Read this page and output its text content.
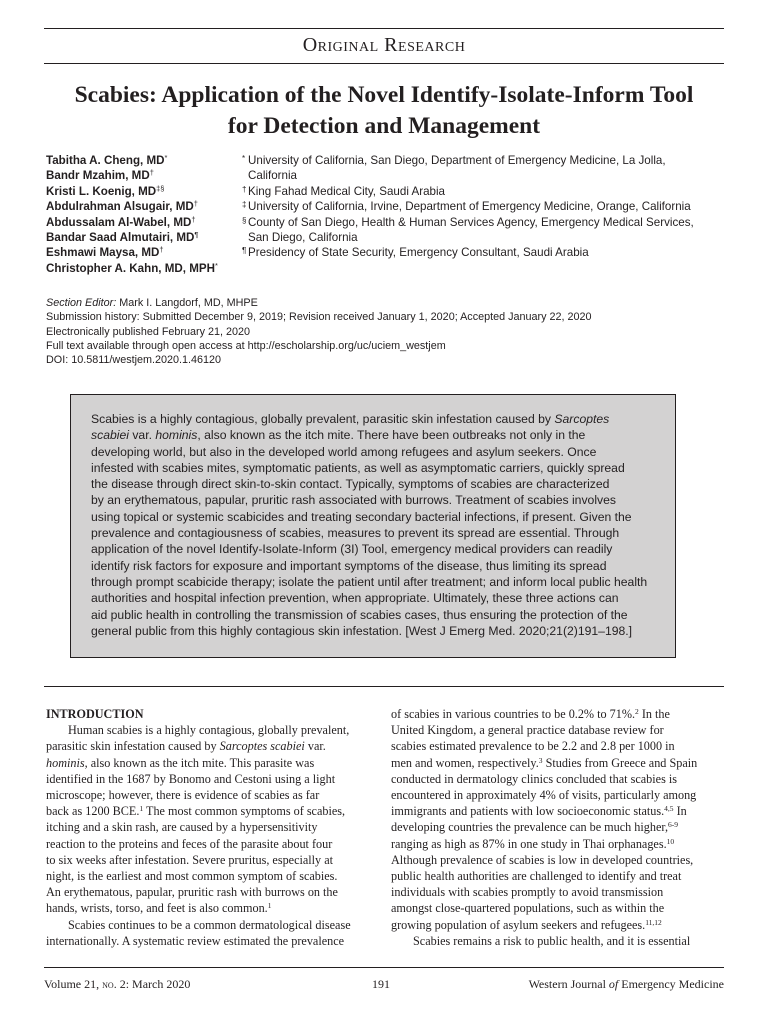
Original Research
Scabies: Application of the Novel Identify-Isolate-Inform Tool
for Detection and Management
Tabitha A. Cheng, MD*
Bandr Mzahim, MD†
Kristi L. Koenig, MD‡§
Abdulrahman Alsugair, MD†
Abdussalam Al-Wabel, MD†
Bandar Saad Almutairi, MD¶
Eshmawi Maysa, MD†
Christopher A. Kahn, MD, MPH*
* University of California, San Diego, Department of Emergency Medicine, La Jolla,
California
† King Fahad Medical City, Saudi Arabia
‡ University of California, Irvine, Department of Emergency Medicine, Orange, California
§ County of San Diego, Health & Human Services Agency, Emergency Medical Services,
San Diego, California
¶ Presidency of State Security, Emergency Consultant, Saudi Arabia
Section Editor: Mark I. Langdorf, MD, MHPE
Submission history: Submitted December 9, 2019; Revision received January 1, 2020; Accepted January 22, 2020
Electronically published February 21, 2020
Full text available through open access at http://escholarship.org/uc/uciem_westjem
DOI: 10.5811/westjem.2020.1.46120
Scabies is a highly contagious, globally prevalent, parasitic skin infestation caused by Sarcoptes
scabiei var. hominis, also known as the itch mite. There have been outbreaks not only in the
developing world, but also in the developed world among refugees and asylum seekers. Once
infested with scabies mites, symptomatic patients, as well as asymptomatic carriers, quickly spread
the disease through direct skin-to-skin contact. Typically, symptoms of scabies are characterized
by an erythematous, papular, pruritic rash associated with burrows. Treatment of scabies involves
using topical or systemic scabicides and treating secondary bacterial infections, if present. Given the
prevalence and contagiousness of scabies, measures to prevent its spread are essential. Through
application of the novel Identify-Isolate-Inform (3I) Tool, emergency medical providers can readily
identify risk factors for exposure and important symptoms of the disease, thus limiting its spread
through prompt scabicide therapy; isolate the patient until after treatment; and inform local public health
authorities and hospital infection prevention, when appropriate. Ultimately, these three actions can
aid public health in controlling the transmission of scabies cases, thus ensuring the protection of the
general public from this highly contagious skin infestation. [West J Emerg Med. 2020;21(2)191–198.]
INTRODUCTION
Human scabies is a highly contagious, globally prevalent,
parasitic skin infestation caused by Sarcoptes scabiei var.
hominis, also known as the itch mite. This parasite was
identified in the 1687 by Bonomo and Cestoni using a light
microscope; however, there is evidence of scabies as far
back as 1200 BCE.$^1$ The most common symptoms of scabies,
itching and a skin rash, are caused by a hypersensitivity
reaction to the proteins and feces of the parasite about four
to six weeks after infestation. Severe pruritus, especially at
night, is the earliest and most common symptom of scabies.
An erythematous, papular, pruritic rash with burrows on the
hands, wrists, torso, and feet is also common.$^1$
Scabies continues to be a common dermatological disease
internationally. A systematic review estimated the prevalence
of scabies in various countries to be 0.2% to 71%.$^2$ In the
United Kingdom, a general practice database review for
scabies estimated prevalence to be 2.2 and 2.8 per 1000 in
men and women, respectively.$^3$ Studies from Greece and Spain
conducted in dermatology clinics concluded that scabies is
encountered in approximately 4% of visits, particularly among
immigrants and patients with low socioeconomic status.$^{4,5}$ In
developing countries the prevalence can be much higher,$^{6-9}$
ranging as high as 87% in one study in Thai orphanages.$^{10}$
Although prevalence of scabies is low in developed countries,
public health authorities are challenged to identify and treat
individuals with scabies promptly to avoid transmission
amongst close-quartered populations, such as within the
growing population of asylum seekers and refugees.$^{11,12}$
Scabies remains a risk to public health, and it is essential
Volume 21, no. 2: March 2020	191	Western Journal of Emergency Medicine
